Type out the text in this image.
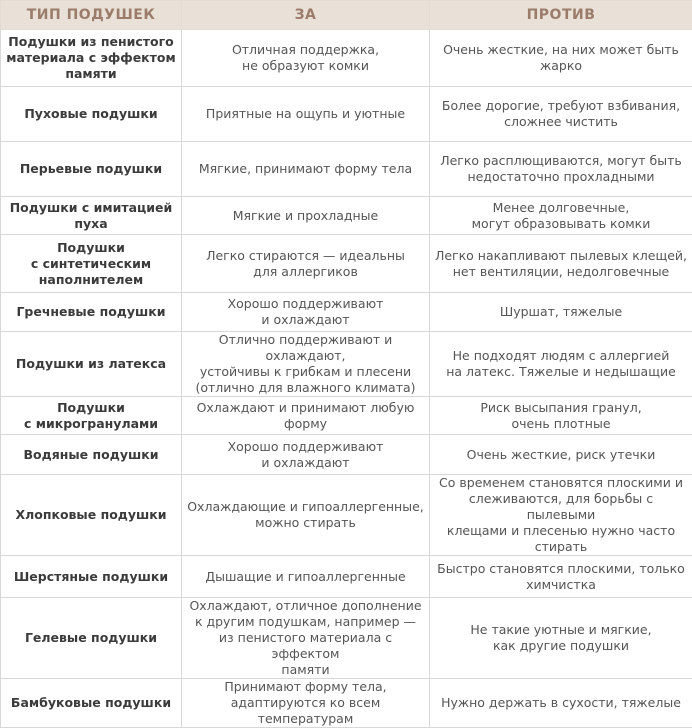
ТИП ПОДУШЕК	ЗА	ПРОТИВ

Подушки из пенистого
материала с эффектом
памяти	Отличная поддержка,
не образуют комки	Очень жесткие, на них может быть
жарко

Пуховые подушки	Приятные на ощупь и уютные	Более дорогие, требуют взбивания,
сложнее чистить

Перьевые подушки	Мягкие, принимают форму тела	Легко расплющиваются, могут быть
недостаточно прохладными

Подушки с имитацией
пуха	Мягкие и прохладные	Менее долговечные,
могут образовывать комки

Подушки
с синтетическим
наполнителем	Легко стираются — идеальны
для аллергиков	Легко накапливают пылевых клещей,
нет вентиляции, недолговечные

Гречневые подушки	Хорошо поддерживают
и охлаждают	Шуршат, тяжелые

Подушки из латекса	Отлично поддерживают и охлаждают,
устойчивы к грибкам и плесени
(отлично для влажного климата)	Не подходят людям с аллергией
на латекс. Тяжелые и недышащие

Подушки
с микрогранулами	Охлаждают и принимают любую
форму	Риск высыпания гранул,
очень плотные

Водяные подушки	Хорошо поддерживают
и охлаждают	Очень жесткие, риск утечки

Хлопковые подушки	Охлаждающие и гипоаллергенные,
можно стирать	Со временем становятся плоскими и
слеживаются, для борьбы с пылевыми
клещами и плесенью нужно часто
стирать

Шерстяные подушки	Дышащие и гипоаллергенные	Быстро становятся плоскими, только
химчистка

Гелевые подушки	Охлаждают, отличное дополнение
к другим подушкам, например —
из пенистого материала с эффектом
памяти	Не такие уютные и мягкие,
как другие подушки

Бамбуковые подушки	Принимают форму тела,
адаптируются ко всем температурам	Нужно держать в сухости, тяжелые
